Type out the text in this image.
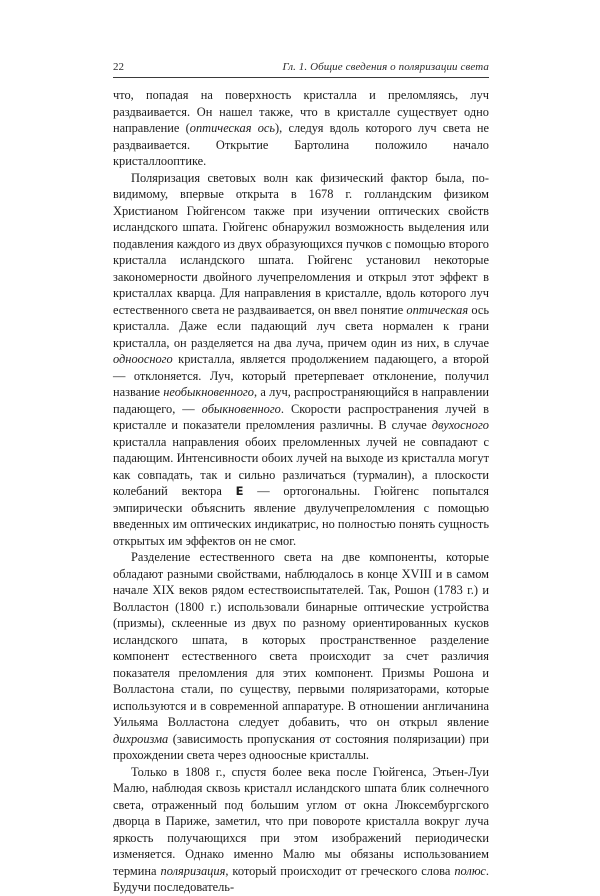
22	Гл. 1. Общие сведения о поляризации света

что, попадая на поверхность кристалла и преломляясь, луч раздваивается. Он нашел также, что в кристалле существует одно направление (оптическая ось), следуя вдоль которого луч света не раздваивается. Открытие Бартолина положило начало кристаллооптике.

Поляризация световых волн как физический фактор была, по-видимому, впервые открыта в 1678 г. голландским физиком Христианом Гюйгенсом также при изучении оптических свойств исландского шпата. Гюйгенс обнаружил возможность выделения или подавления каждого из двух образующихся пучков с помощью второго кристалла исландского шпата. Гюйгенс установил некоторые закономерности двойного лучепреломления и открыл этот эффект в кристаллах кварца. Для направления в кристалле, вдоль которого луч естественного света не раздваивается, он ввел понятие оптическая ось кристалла. Даже если падающий луч света нормален к грани кристалла, он разделяется на два луча, причем один из них, в случае одноосного кристалла, является продолжением падающего, а второй — отклоняется. Луч, который претерпевает отклонение, получил название необыкновенного, а луч, распространяющийся в направлении падающего, — обыкновенного. Скорости распространения лучей в кристалле и показатели преломления различны. В случае двухосного кристалла направления обоих преломленных лучей не совпадают с падающим. Интенсивности обоих лучей на выходе из кристалла могут как совпадать, так и сильно различаться (турмалин), а плоскости колебаний вектора E — ортогональны. Гюйгенс попытался эмпирически объяснить явление двулучепреломления с помощью введенных им оптических индикатрис, но полностью понять сущность открытых им эффектов он не смог.

Разделение естественного света на две компоненты, которые обладают разными свойствами, наблюдалось в конце XVIII и в самом начале XIX веков рядом естествоиспытателей. Так, Рошон (1783 г.) и Волластон (1800 г.) использовали бинарные оптические устройства (призмы), склеенные из двух по разному ориентированных кусков исландского шпата, в которых пространственное разделение компонент естественного света происходит за счет различия показателя преломления для этих компонент. Призмы Рошона и Волластона стали, по существу, первыми поляризаторами, которые используются и в современной аппаратуре. В отношении англичанина Уильяма Волластона следует добавить, что он открыл явление дихроизма (зависимость пропускания от состояния поляризации) при прохождении света через одноосные кристаллы.

Только в 1808 г., спустя более века после Гюйгенса, Этьен-Луи Малю, наблюдая сквозь кристалл исландского шпата блик солнечного света, отраженный под большим углом от окна Люксембургского дворца в Париже, заметил, что при повороте кристалла вокруг луча яркость получающихся при этом изображений периодически изменяется. Однако именно Малю мы обязаны использованием термина поляризация, который происходит от греческого слова полюс. Будучи последователь-
